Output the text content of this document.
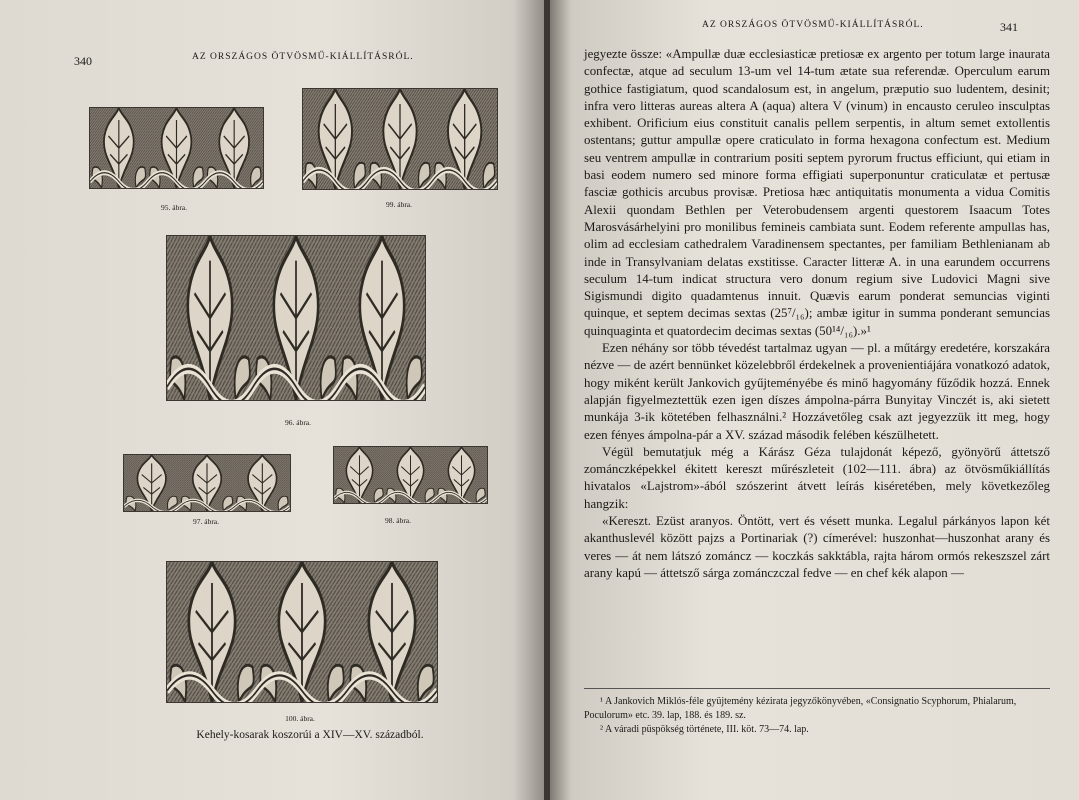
340	AZ ORSZÁGOS ÖTVÖSMŰ-KIÁLLÍTÁSRÓL.
95. ábra.	99. ábra.
96. ábra.
97. ábra.	98. ábra.
100. ábra.
Kehely-kosarak koszorúi a XIV—XV. századból.
AZ ORSZÁGOS ÖTVÖSMŰ-KIÁLLÍTÁSRÓL.	341

jegyezte össze: «Ampullæ duæ ecclesiasticæ pretiosæ ex argento per totum large inaurata confectæ, atque ad seculum 13-um vel 14-tum ætate sua referendæ. Operculum earum gothice fastigiatum, quod scandalosum est, in angelum, præputio suo ludentem, desinit; infra vero litteras aureas altera A (aqua) altera V (vinum) in encausto ceruleo insculptas exhibent. Orificium eius constituit canalis pellem serpentis, in altum semet extollentis ostentans; guttur ampullæ opere craticulato in forma hexagona confectum est. Medium seu ventrem ampullæ in contrarium positi septem pyrorum fructus efficiunt, qui etiam in basi eodem numero sed minore forma effigiati superponuntur craticulatæ et pertusæ fasciæ gothicis arcubus provisæ. Pretiosa hæc antiquitatis monumenta a vidua Comitis Alexii quondam Bethlen per Veterobudensem argenti questorem Isaacum Totes Marosvásárhelyini pro monilibus femineis cambiata sunt. Eodem referente ampullas has, olim ad ecclesiam cathedralem Varadinensem spectantes, per familiam Bethlenianam ab inde in Transylvaniam delatas exstitisse. Caracter litteræ A. in una earundem occurrens seculum 14-tum indicat structura vero donum regium sive Ludovici Magni sive Sigismundi digito quadamtenus innuit. Quævis earum ponderat semuncias viginti quinque, et septem decimas sextas (25⁷/₁₆); ambæ igitur in summa ponderant semuncias quinquaginta et quatordecim decimas sextas (50¹⁴/₁₆).»¹

Ezen néhány sor több tévedést tartalmaz ugyan — pl. a műtárgy eredetére, korszakára nézve — de azért bennünket közelebbről érdekelnek a provenientiájára vonatkozó adatok, hogy miként került Jankovich gyűjteményébe és minő hagyomány fűződik hozzá. Ennek alapján figyelmeztettük ezen igen díszes ámpolna-párra Bunyitay Vinczét is, aki sietett munkája 3-ik kötetében felhasználni.² Hozzávetőleg csak azt jegyezzük itt meg, hogy ezen fényes ámpolna-pár a XV. század második felében készülhetett.

Végül bemutatjuk még a Kárász Géza tulajdonát képező, gyönyörű áttetsző zománczképekkel ékitett kereszt műrészleteit (102—111. ábra) az ötvösműkiállítás hivatalos «Lajstrom»-ából szószerint átvett leírás kiséretében, mely következőleg hangzik:

«Kereszt. Ezüst aranyos. Öntött, vert és vésett munka. Legalul párkányos lapon két akanthuslevél között pajzs a Portinariak (?) címerével: huszonhat—huszonhat arany és veres — át nem látszó zománcz — koczkás sakktábla, rajta három ormós rekeszszel zárt arany kapú — áttetsző sárga zománczczal fedve — en chef kék alapon —

¹ A Jankovich Miklós-féle gyüjtemény kézirata jegyzőkönyvében, «Consignatio Scyphorum, Phialarum, Poculorum» etc. 39. lap, 188. és 189. sz.

² A váradi püspökség története, III. köt. 73—74. lap.
